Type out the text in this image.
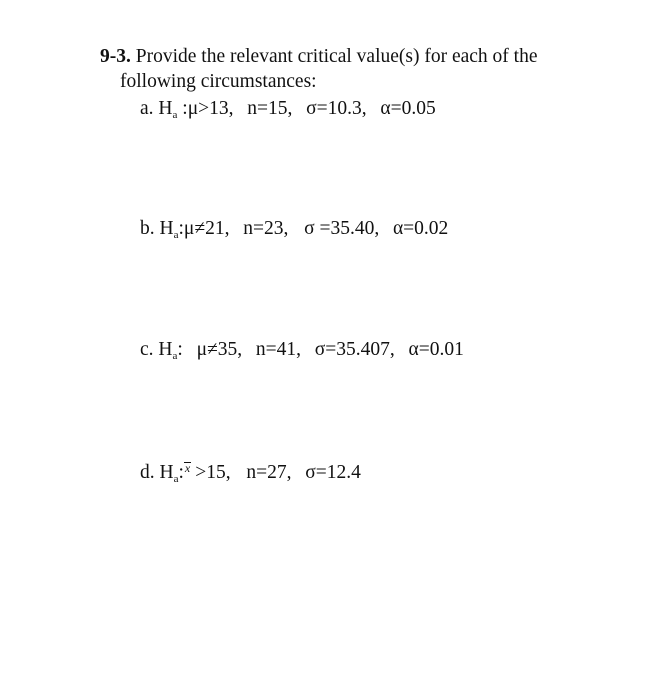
9-3. Provide the relevant critical value(s) for each of the
following circumstances:
a. $H_a$ :μ>13, n=15, σ=10.3, α=0.05
b. $H_a:\mu\ne 21$, n=23, σ =35.40, α=0.02
c. $H_a$: μ≠35, n=41, σ=35.407, α=0.01
d. $H_a:x >15$, n=27, σ=12.4
